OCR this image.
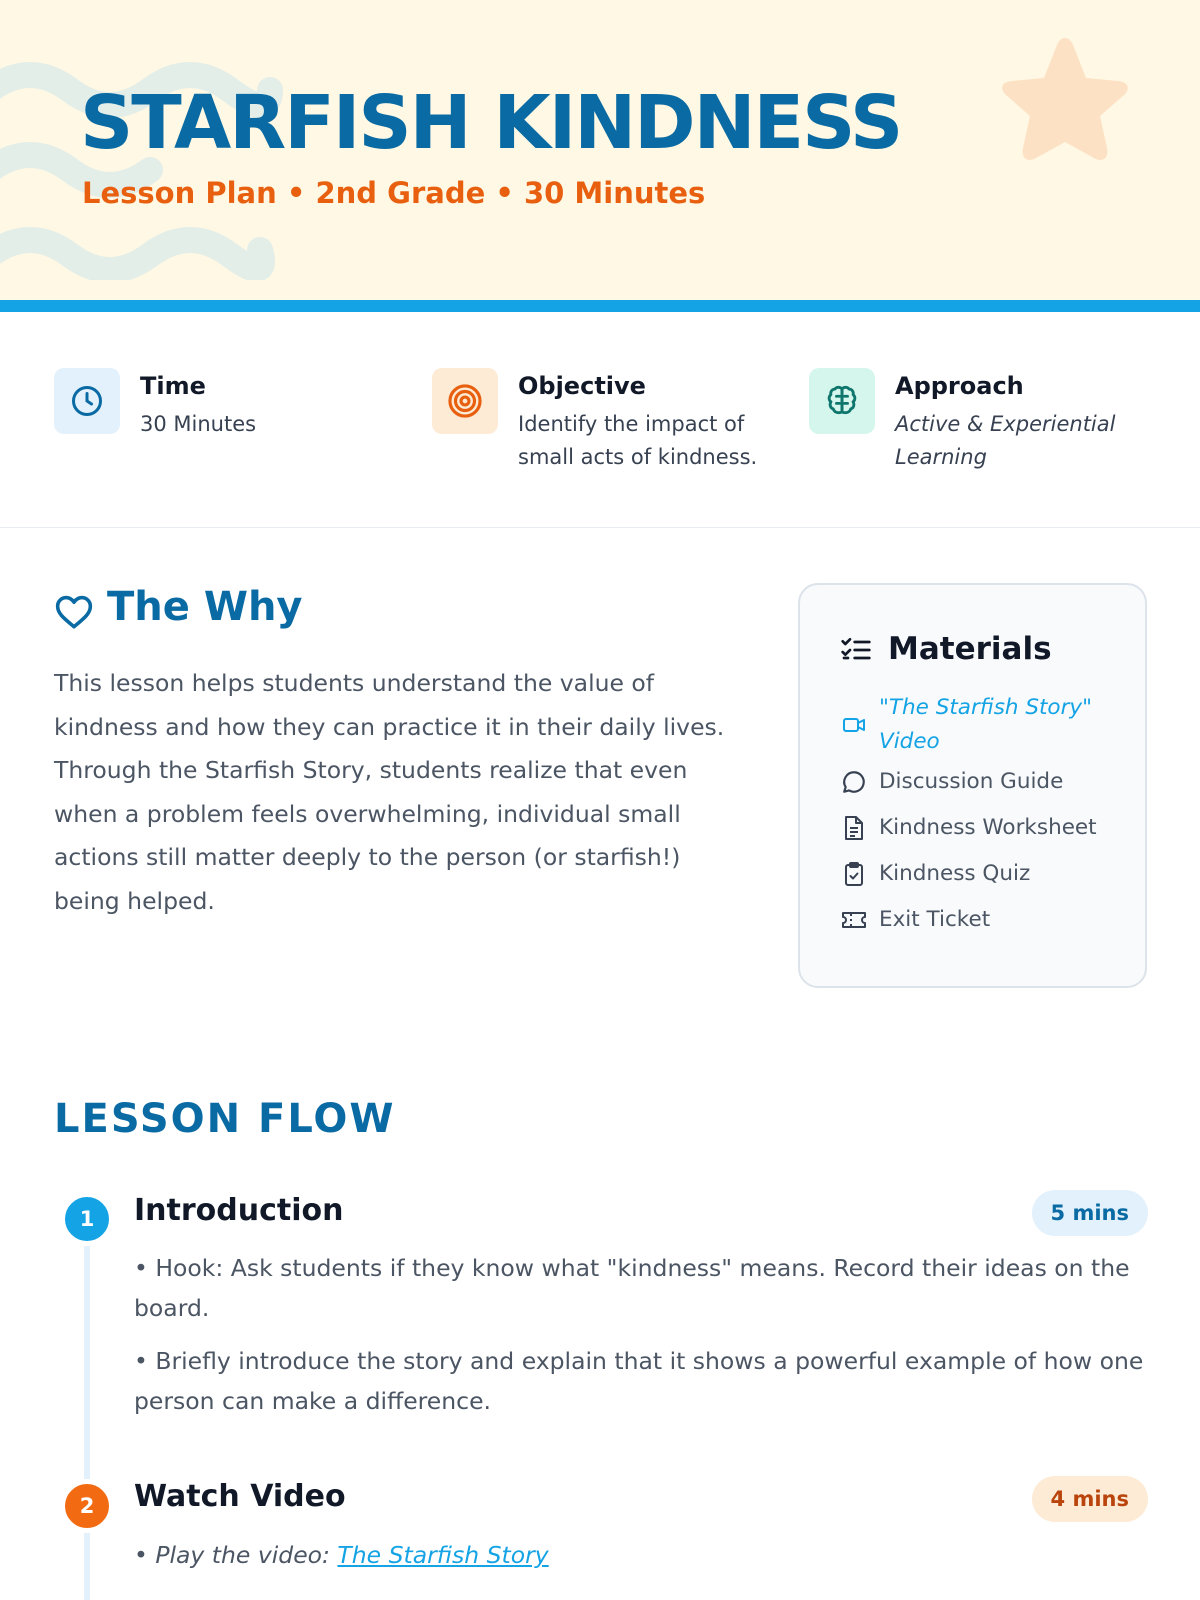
STARFISH KINDNESS
Lesson Plan • 2nd Grade • 30 Minutes
Time
30 Minutes
Objective
Identify the impact of small acts of kindness.
Approach
Active & Experiential Learning
The Why
This lesson helps students understand the value of kindness and how they can practice it in their daily lives. Through the Starfish Story, students realize that even when a problem feels overwhelming, individual small actions still matter deeply to the person (or starfish!) being helped.
Materials
"The Starfish Story" Video
Discussion Guide
Kindness Worksheet
Kindness Quiz
Exit Ticket
LESSON FLOW
1	Introduction	5 mins
• Hook: Ask students if they know what "kindness" means. Record their ideas on the board.
• Briefly introduce the story and explain that it shows a powerful example of how one person can make a difference.
2	Watch Video	4 mins
• Play the video: The Starfish Story
